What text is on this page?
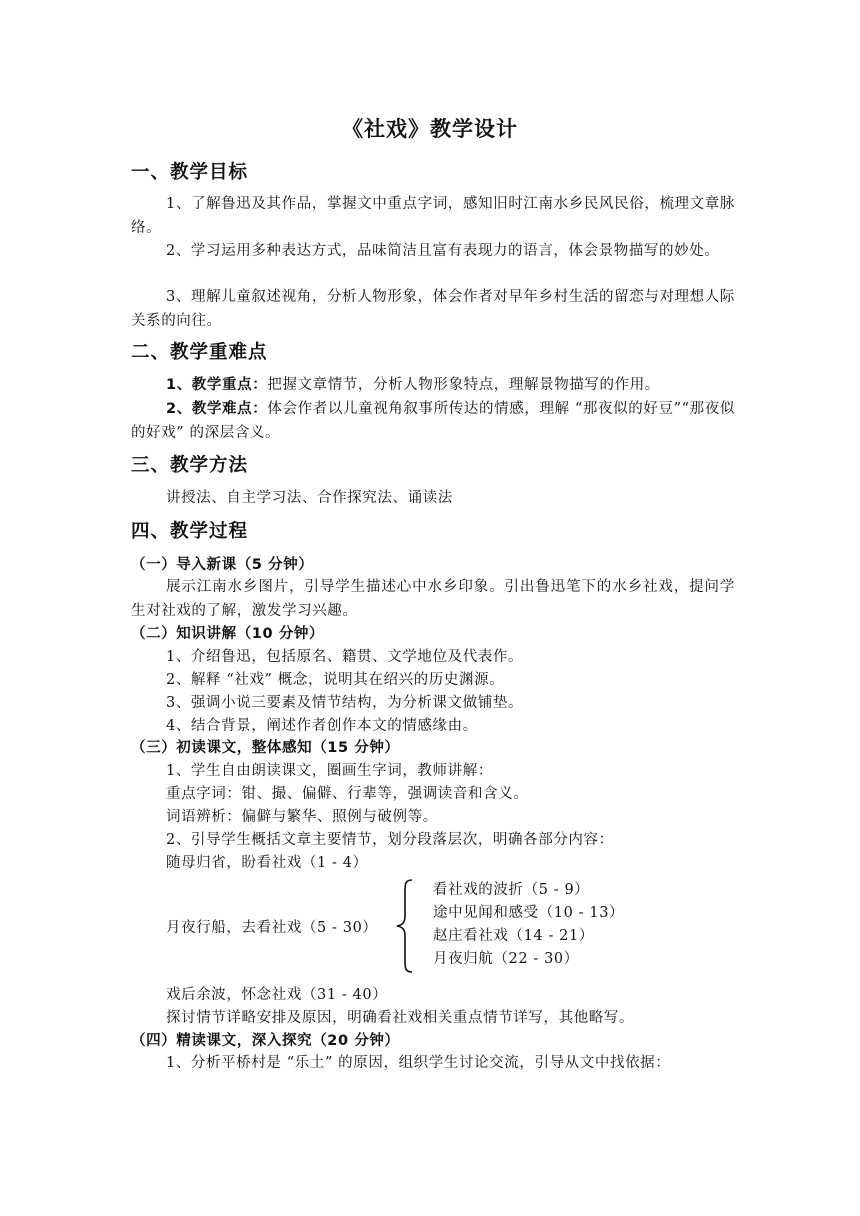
《社戏》教学设计
一、教学目标
1、了解鲁迅及其作品，掌握文中重点字词，感知旧时江南水乡民风民俗，梳理文章脉络。
2、学习运用多种表达方式，品味简洁且富有表现力的语言，体会景物描写的妙处。
3、理解儿童叙述视角，分析人物形象，体会作者对早年乡村生活的留恋与对理想人际关系的向往。
二、教学重难点
1、教学重点：把握文章情节，分析人物形象特点，理解景物描写的作用。
2、教学难点：体会作者以儿童视角叙事所传达的情感，理解 “那夜似的好豆”“那夜似的好戏” 的深层含义。
三、教学方法
讲授法、自主学习法、合作探究法、诵读法
四、教学过程
（一）导入新课（5 分钟）
展示江南水乡图片，引导学生描述心中水乡印象。引出鲁迅笔下的水乡社戏，提问学生对社戏的了解，激发学习兴趣。
（二）知识讲解（10 分钟）
1、介绍鲁迅，包括原名、籍贯、文学地位及代表作。
2、解释 “社戏” 概念，说明其在绍兴的历史渊源。
3、强调小说三要素及情节结构，为分析课文做铺垫。
4、结合背景，阐述作者创作本文的情感缘由。
（三）初读课文，整体感知（15 分钟）
1、学生自由朗读课文，圈画生字词，教师讲解：
重点字词：钳、撮、偏僻、行辈等，强调读音和含义。
词语辨析：偏僻与繁华、照例与破例等。
2、引导学生概括文章主要情节，划分段落层次，明确各部分内容：
随母归省，盼看社戏（1 - 4）
月夜行船，去看社戏（5 - 30）
看社戏的波折（5 - 9）
途中见闻和感受（10 - 13）
赵庄看社戏（14 - 21）
月夜归航（22 - 30）
戏后余波，怀念社戏（31 - 40）
探讨情节详略安排及原因，明确看社戏相关重点情节详写，其他略写。
（四）精读课文，深入探究（20 分钟）
1、分析平桥村是 “乐土” 的原因，组织学生讨论交流，引导从文中找依据：
